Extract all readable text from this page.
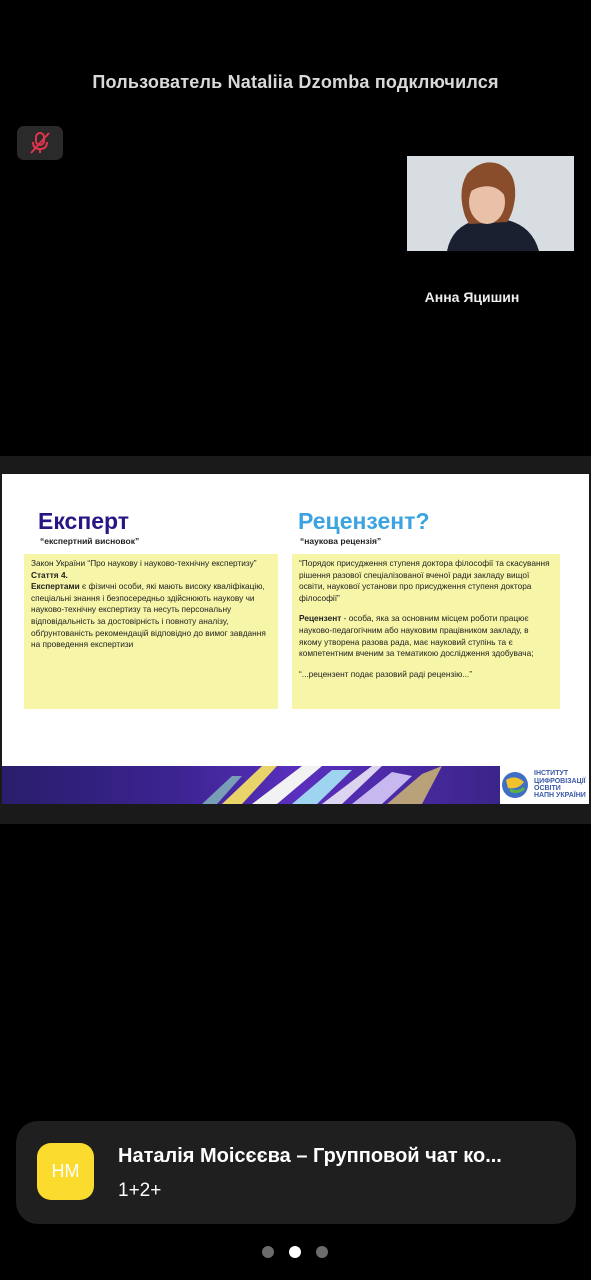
Пользователь Nataliia Dzomba подключился
Анна Яцишин
Експерт
“експертний висновок”

Закон України “Про наукову і науково-технічну експертизу”

Стаття 4.

Експертами є фізичні особи, які мають високу кваліфікацію, спеціальні знання і безпосередньо здійснюють наукову чи науково-технічну експертизу та несуть персональну відповідальність за достовірність і повноту аналізу, обґрунтованість рекомендацій відповідно до вимог завдання на проведення експертизи

Рецензент?
“наукова рецензія”

“Порядок присудження ступеня доктора філософії та скасування рішення разової спеціалізованої вченої ради закладу вищої освіти, наукової установи про присудження ступеня доктора філософії”

Рецензент - особа, яка за основним місцем роботи працює науково-педагогічним або науковим працівником закладу, в якому утворена разова рада, має науковий ступінь та є компетентним вченим за тематикою дослідження здобувача;

“...рецензент подає разовий раді рецензію...”

ІНСТИТУТ
ЦИФРОВІЗАЦІЇ
ОСВІТИ
НАПН УКРАЇНИ
НМ
Наталія Моісєєва – Групповой чат ко...
1+2+
